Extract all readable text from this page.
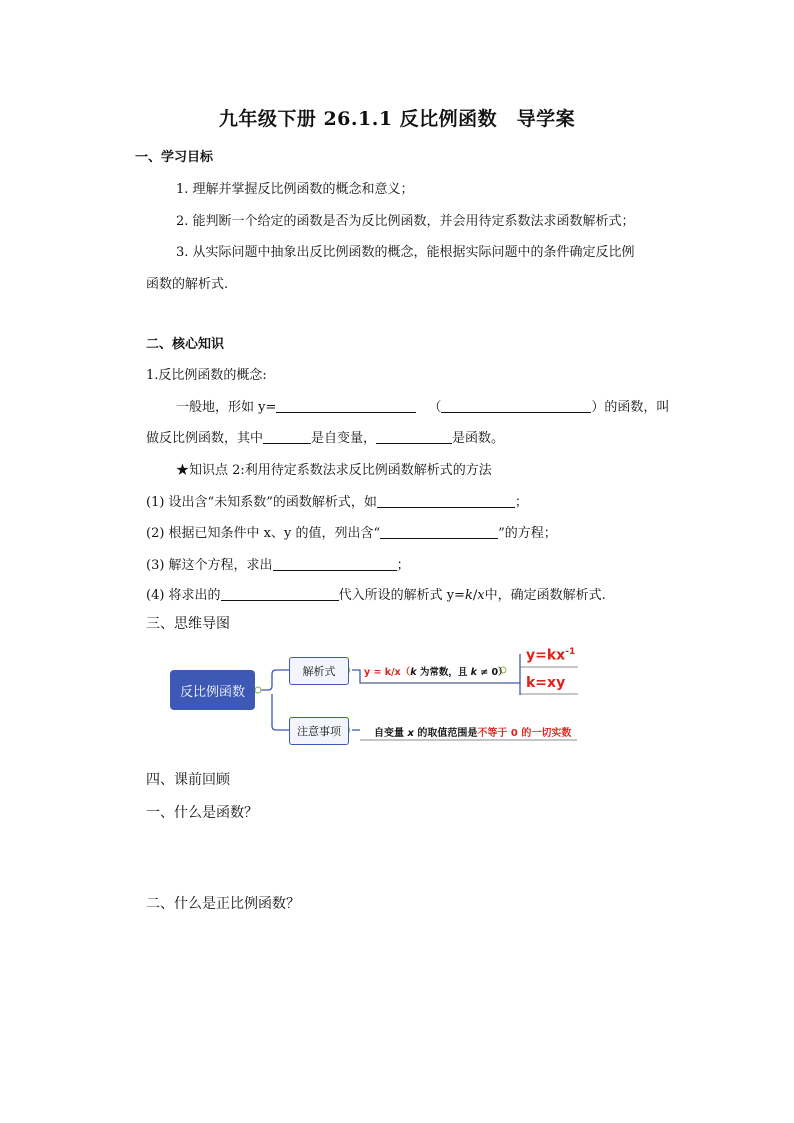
九年级下册 26.1.1 反比例函数　导学案
一、学习目标
1. 理解并掌握反比例函数的概念和意义；
2. 能判断一个给定的函数是否为反比例函数，并会用待定系数法求函数解析式；
3. 从实际问题中抽象出反比例函数的概念，能根据实际问题中的条件确定反比例
函数的解析式.
二、核心知识
1.反比例函数的概念:
一般地，形如 y=	（	）的函数，叫
做反比例函数，其中	是自变量，	是函数。
★知识点 2:利用待定系数法求反比例函数解析式的方法
(1) 设出含“未知系数”的函数解析式，如	；
(2) 根据已知条件中 x、y 的值，列出含“	”的方程；
(3) 解这个方程，求出	；
(4) 将求出的	代入所设的解析式 y=k/x中，确定函数解析式.
三、思维导图
反比例函数
解析式
注意事项
y = k/x（k 为常数，且 k ≠ 0）
$y=kx^{-1}$
k=xy
自变量 x 的取值范围是不等于 0 的一切实数
四、课前回顾
一、什么是函数？
二、什么是正比例函数？
